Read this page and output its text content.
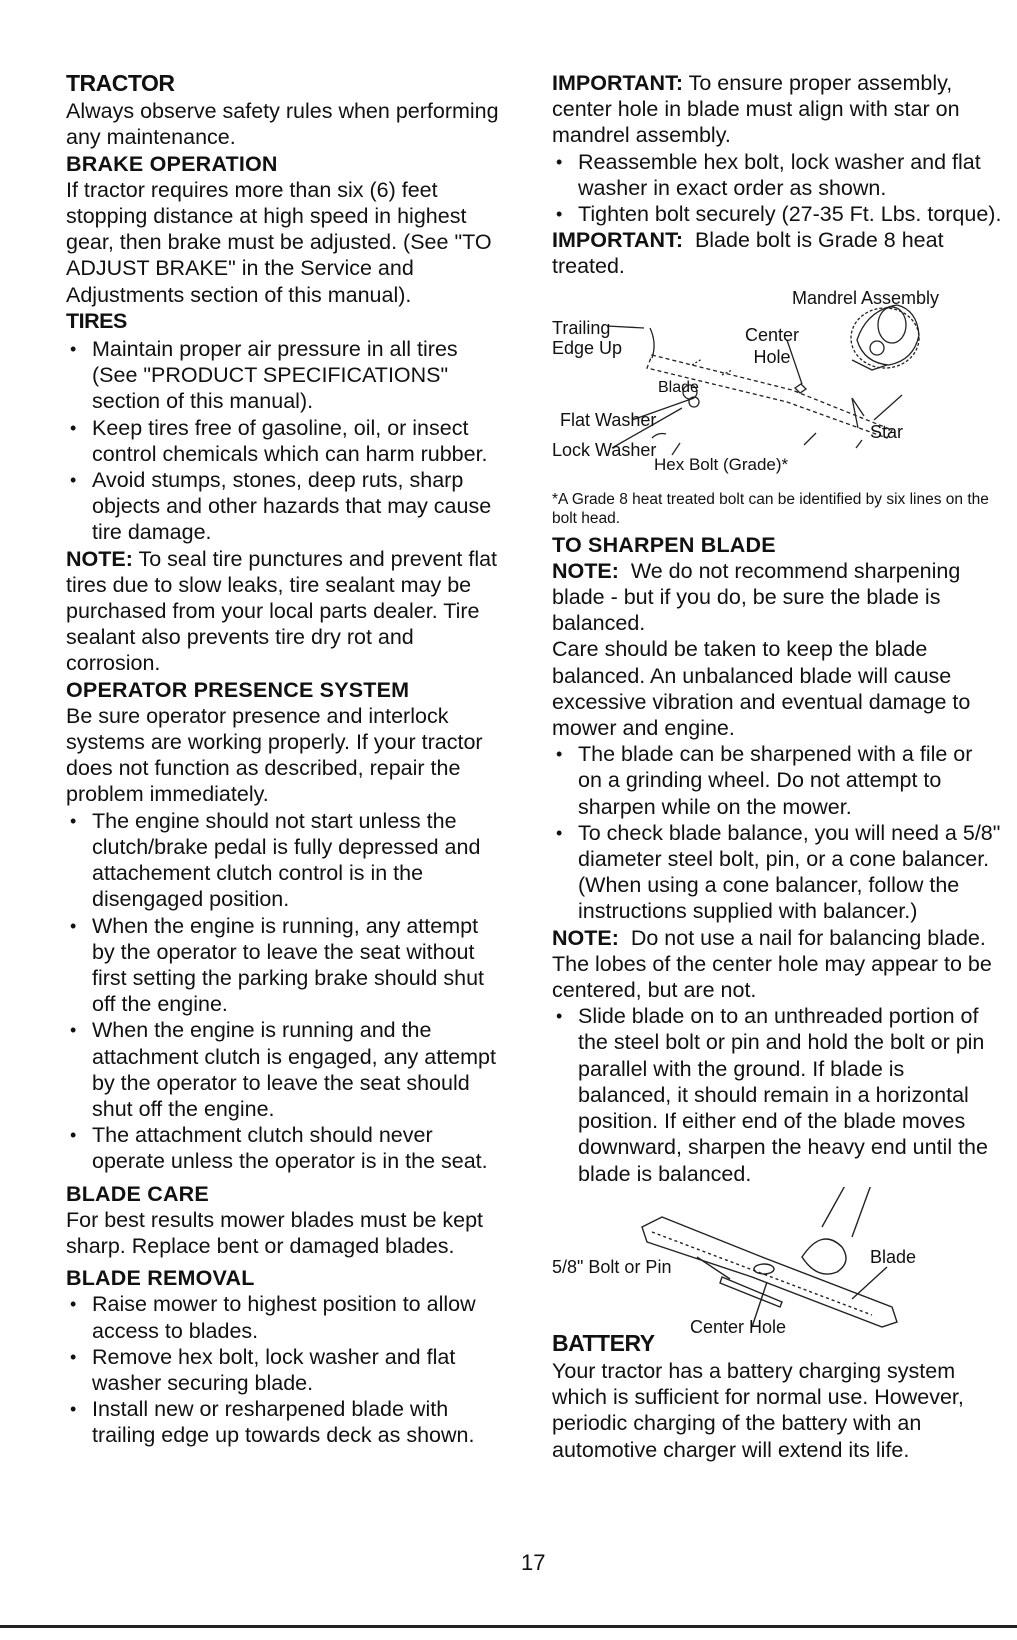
TRACTOR

Always observe safety rules when performing any maintenance.

BRAKE OPERATION

If tractor requires more than six (6) feet stopping distance at high speed in highest gear, then brake must be adjusted. (See "TO ADJUST BRAKE" in the Service and Adjustments section of this manual).

TIRES
• Maintain proper air pressure in all tires (See "PRODUCT SPECIFICATIONS" section of this manual).
• Keep tires free of gasoline, oil, or insect control chemicals which can harm rubber.
• Avoid stumps, stones, deep ruts, sharp objects and other hazards that may cause tire damage.

NOTE: To seal tire punctures and prevent flat tires due to slow leaks, tire sealant may be purchased from your local parts dealer. Tire sealant also prevents tire dry rot and corrosion.

OPERATOR PRESENCE SYSTEM

Be sure operator presence and interlock systems are working properly. If your tractor does not function as described, repair the problem immediately.

• The engine should not start unless the clutch/brake pedal is fully depressed and attachement clutch control is in the disengaged position.
• When the engine is running, any attempt by the operator to leave the seat without first setting the parking brake should shut off the engine.
• When the engine is running and the attachment clutch is engaged, any attempt by the operator to leave the seat should shut off the engine.
• The attachment clutch should never operate unless the operator is in the seat.
BLADE CARE

For best results mower blades must be kept sharp. Replace bent or damaged blades.

BLADE REMOVAL
• Raise mower to highest position to allow access to blades.
• Remove hex bolt, lock washer and flat washer securing blade.
• Install new or resharpened blade with trailing edge up towards deck as shown.

IMPORTANT: To ensure proper assembly, center hole in blade must align with star on mandrel assembly.

• Reassemble hex bolt, lock washer and flat washer in exact order as shown.
• Tighten bolt securely (27-35 Ft. Lbs. torque).

IMPORTANT: Blade bolt is Grade 8 heat treated.

Mandrel Assembly
Trailing Edge Up
Center Hole
Blade
Flat Washer
Star
Lock Washer
Hex Bolt (Grade)*

*A Grade 8 heat treated bolt can be identified by six lines on the bolt head.

TO SHARPEN BLADE

NOTE: We do not recommend sharpening blade - but if you do, be sure the blade is balanced.

Care should be taken to keep the blade balanced. An unbalanced blade will cause excessive vibration and eventual damage to mower and engine.

• The blade can be sharpened with a file or on a grinding wheel. Do not attempt to sharpen while on the mower.
• To check blade balance, you will need a 5/8" diameter steel bolt, pin, or a cone balancer. (When using a cone balancer, follow the instructions supplied with balancer.)

NOTE: Do not use a nail for balancing blade. The lobes of the center hole may appear to be centered, but are not.

• Slide blade on to an unthreaded portion of the steel bolt or pin and hold the bolt or pin parallel with the ground. If blade is balanced, it should remain in a horizontal position. If either end of the blade moves downward, sharpen the heavy end until the blade is balanced.
5/8" Bolt or Pin	Blade
Center Hole
BATTERY

Your tractor has a battery charging system which is sufficient for normal use. However, periodic charging of the battery with an automotive charger will extend its life.

17
